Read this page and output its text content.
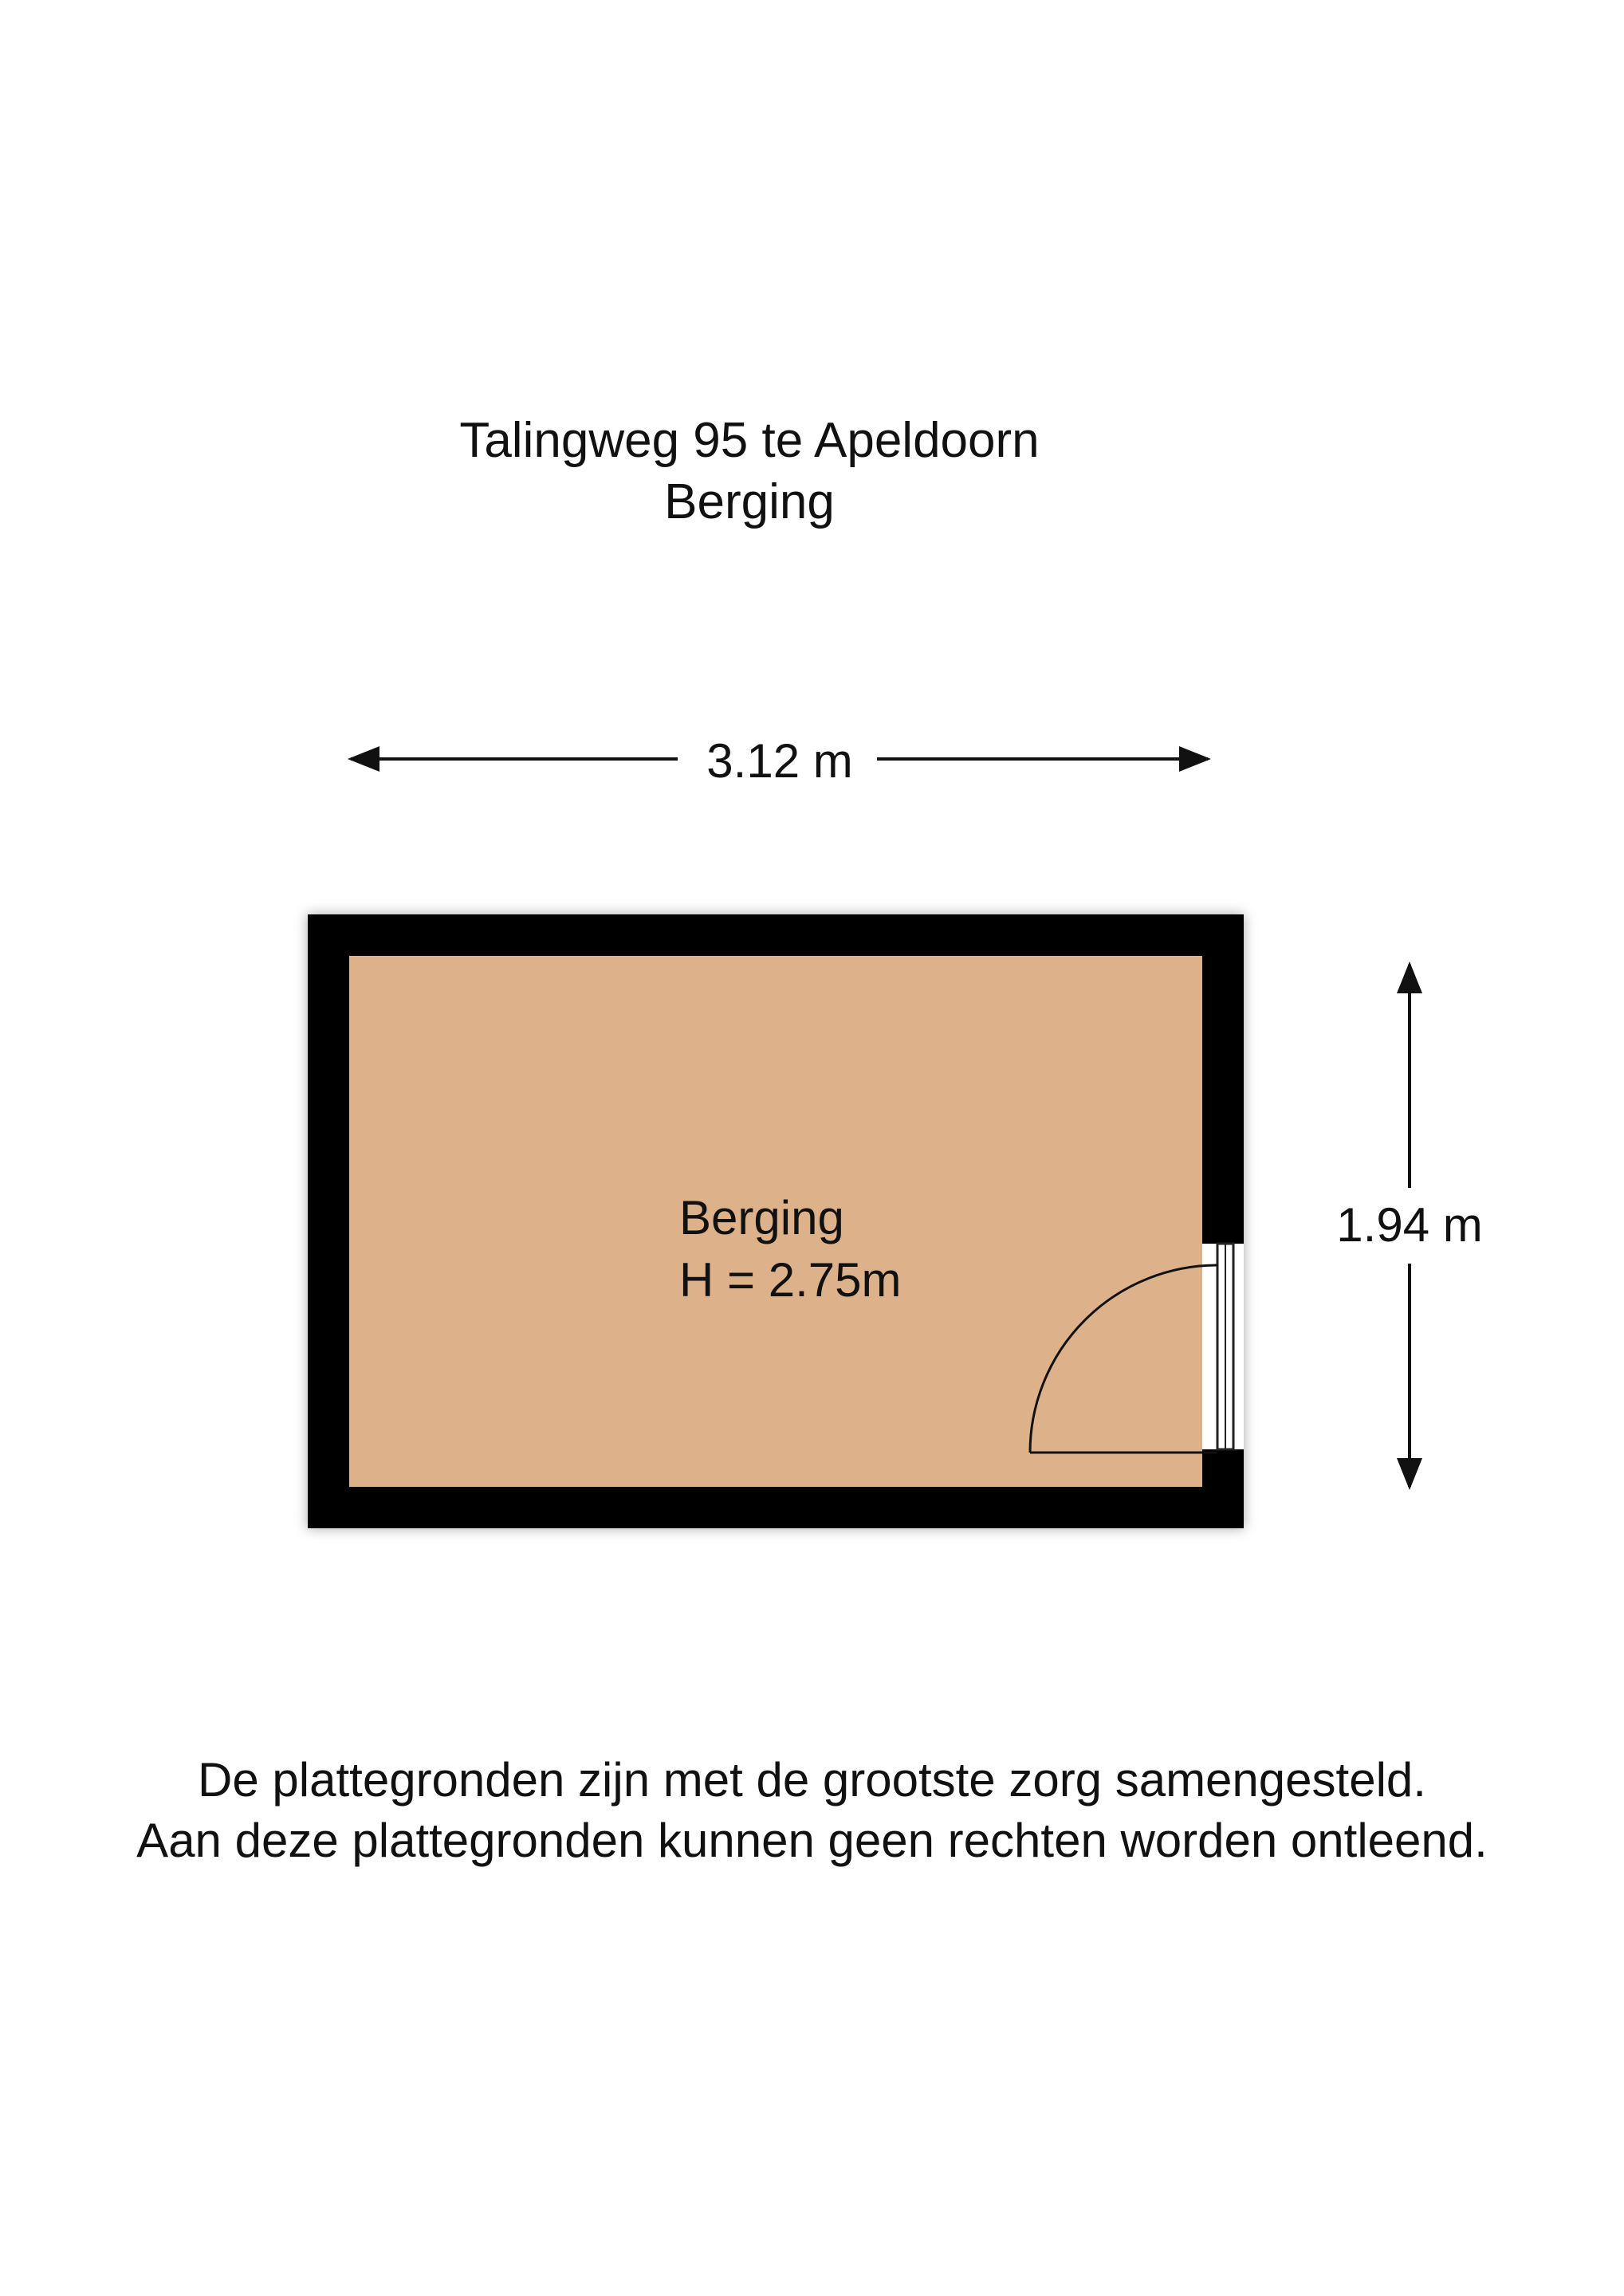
Talingweg 95 te Apeldoorn
Berging
3.12 m
1.94 m
Berging
H = 2.75m
De plattegronden zijn met de grootste zorg samengesteld.
Aan deze plattegronden kunnen geen rechten worden ontleend.
